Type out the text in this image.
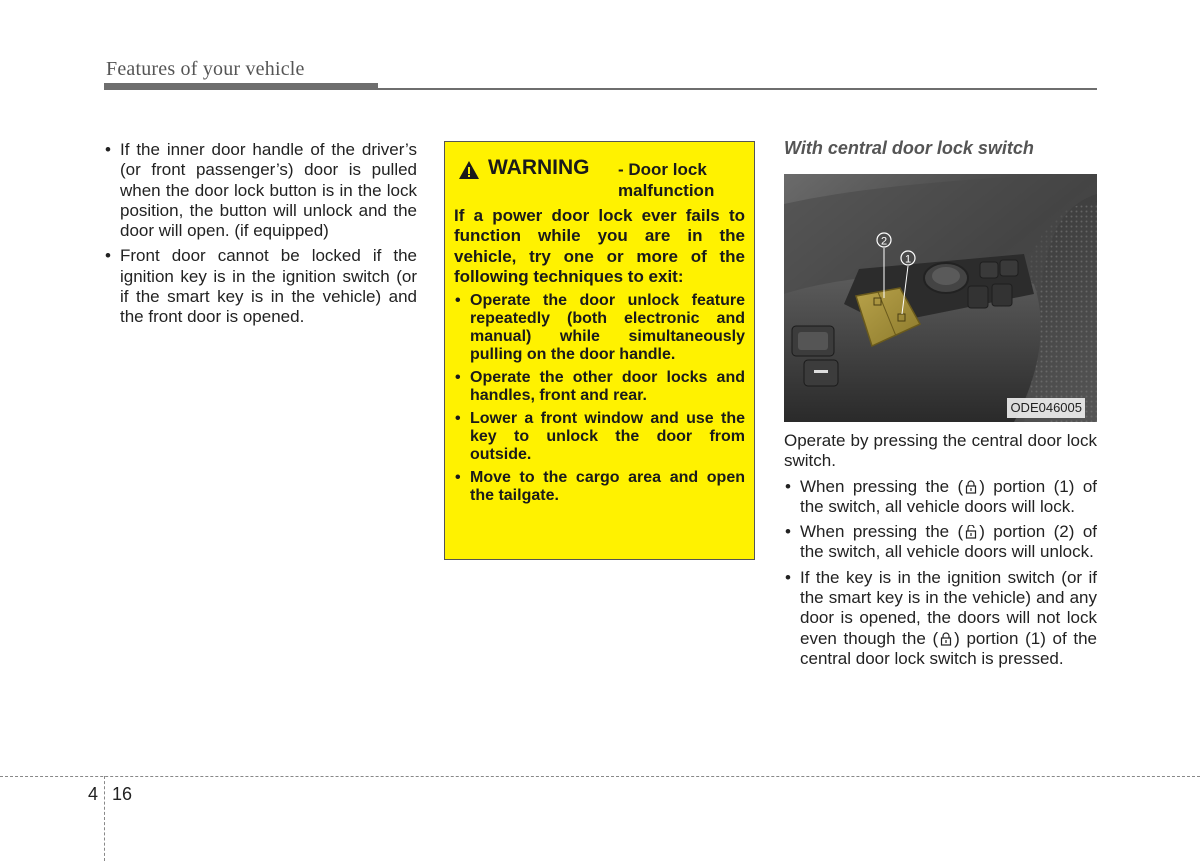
Features of your vehicle
• If the inner door handle of the driver’s (or front passenger’s) door is pulled when the door lock button is in the lock position, the button will unlock and the door will open. (if equipped)
• Front door cannot be locked if the ignition key is in the ignition switch (or if the smart key is in the vehicle) and the front door is opened.
WARNING - Door lock
malfunction

If a power door lock ever fails to function while you are in the vehicle, try one or more of the following techniques to exit:

• Operate the door unlock feature repeatedly (both electronic and manual) while simultaneously pulling on the door handle.
• Operate the other door locks and handles, front and rear.
• Lower a front window and use the key to unlock the door from outside.
• Move to the cargo area and open the tailgate.

With central door lock switch

2
1
ODE046005

Operate by pressing the central door lock switch.

• When pressing the ( ) portion (1) of the switch, all vehicle doors will lock.
• When pressing the ( ) portion (2) of the switch, all vehicle doors will unlock.
• If the key is in the ignition switch (or if the smart key is in the vehicle) and any door is opened, the doors will not lock even though the ( ) portion (1) of the central door lock switch is pressed.
4 16
